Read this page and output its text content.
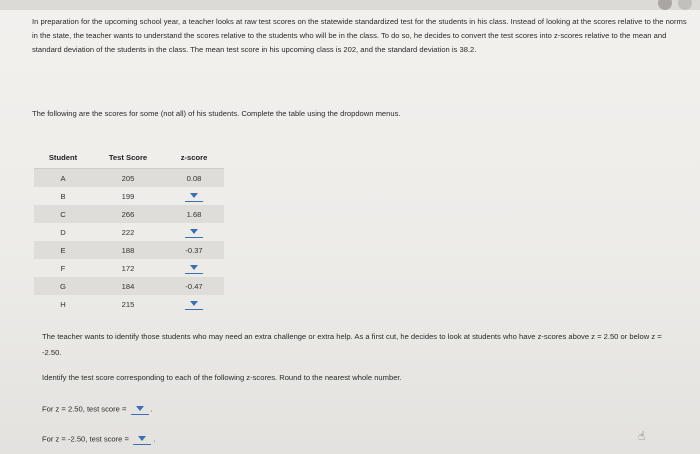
In preparation for the upcoming school year, a teacher looks at raw test scores on the statewide standardized test for the students in his class. Instead of looking at the scores relative to the norms in the state, the teacher wants to understand the scores relative to the students who will be in the class. To do so, he decides to convert the test scores into z-scores relative to the mean and standard deviation of the students in the class. The mean test score in his upcoming class is 202, and the standard deviation is 38.2.

The following are the scores for some (not all) of his students. Complete the table using the dropdown menus.

Student	Test Score	z-score
A	205	0.08
B	199	
C	266	1.68
D	222	
E	188	-0.37
F	172	
G	184	-0.47
H	215	

The teacher wants to identify those students who may need an extra challenge or extra help. As a first cut, he decides to look at students who have z-scores above z = 2.50 or below z = -2.50.

Identify the test score corresponding to each of the following z-scores. Round to the nearest whole number.

For z = 2.50, test score =	.
For z = -2.50, test score =	.	☝
